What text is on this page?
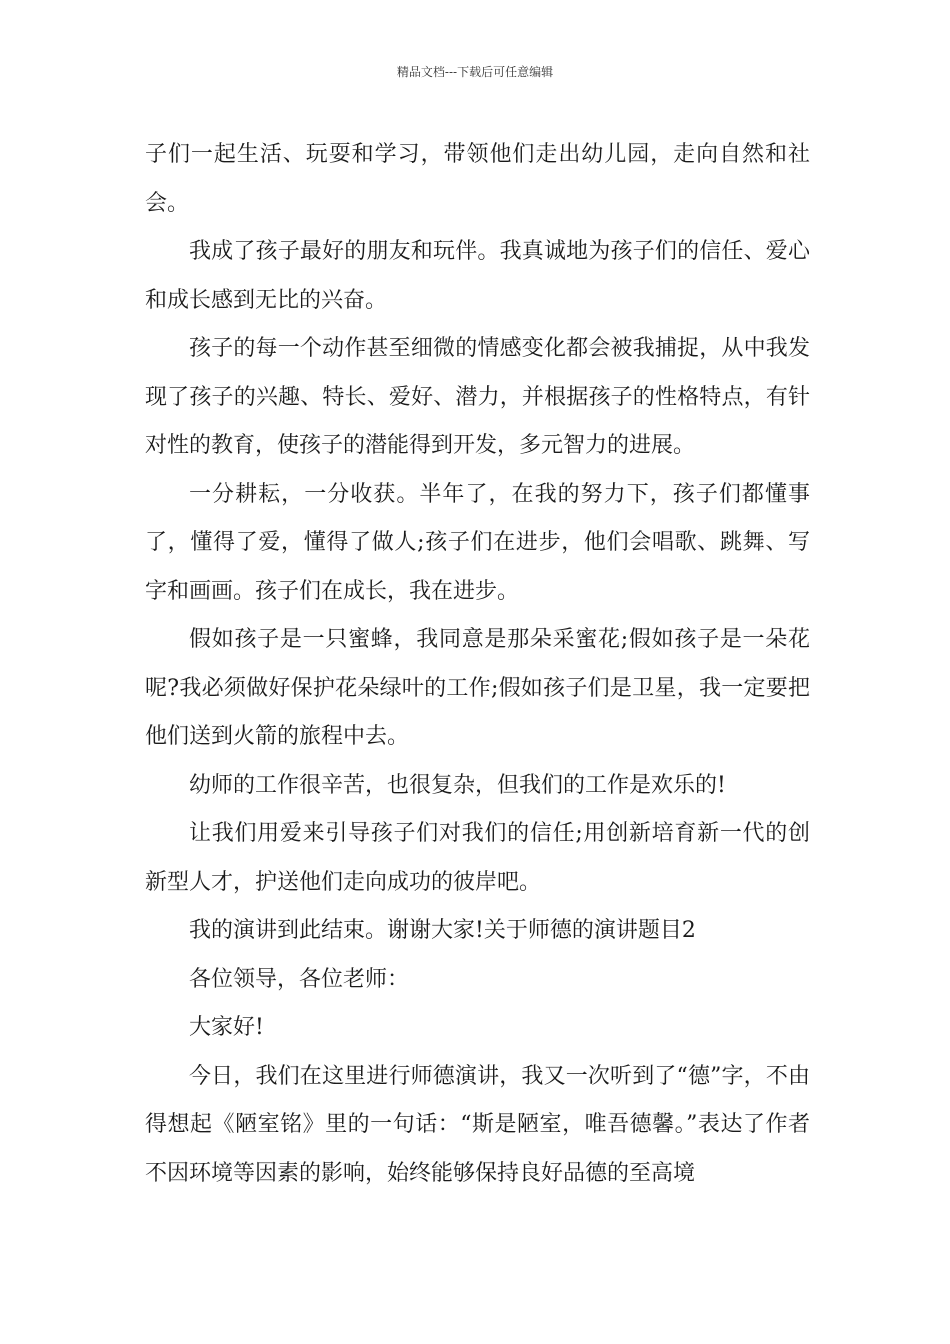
精品文档---下载后可任意编辑

子们一起生活、玩耍和学习，带领他们走出幼儿园，走向自然和社会。

我成了孩子最好的朋友和玩伴。我真诚地为孩子们的信任、爱心和成长感到无比的兴奋。

孩子的每一个动作甚至细微的情感变化都会被我捕捉，从中我发现了孩子的兴趣、特长、爱好、潜力，并根据孩子的性格特点，有针对性的教育，使孩子的潜能得到开发，多元智力的进展。

一分耕耘，一分收获。半年了，在我的努力下，孩子们都懂事了，懂得了爱，懂得了做人;孩子们在进步，他们会唱歌、跳舞、写字和画画。孩子们在成长，我在进步。

假如孩子是一只蜜蜂，我同意是那朵采蜜花;假如孩子是一朵花呢?我必须做好保护花朵绿叶的工作;假如孩子们是卫星，我一定要把他们送到火箭的旅程中去。

幼师的工作很辛苦，也很复杂，但我们的工作是欢乐的!

让我们用爱来引导孩子们对我们的信任;用创新培育新一代的创新型人才，护送他们走向成功的彼岸吧。

我的演讲到此结束。谢谢大家!关于师德的演讲题目2

各位领导，各位老师：

大家好!

今日，我们在这里进行师德演讲，我又一次听到了“德”字，不由得想起《陋室铭》里的一句话：“斯是陋室，唯吾德馨。”表达了作者不因环境等因素的影响，始终能够保持良好品德的至高境
